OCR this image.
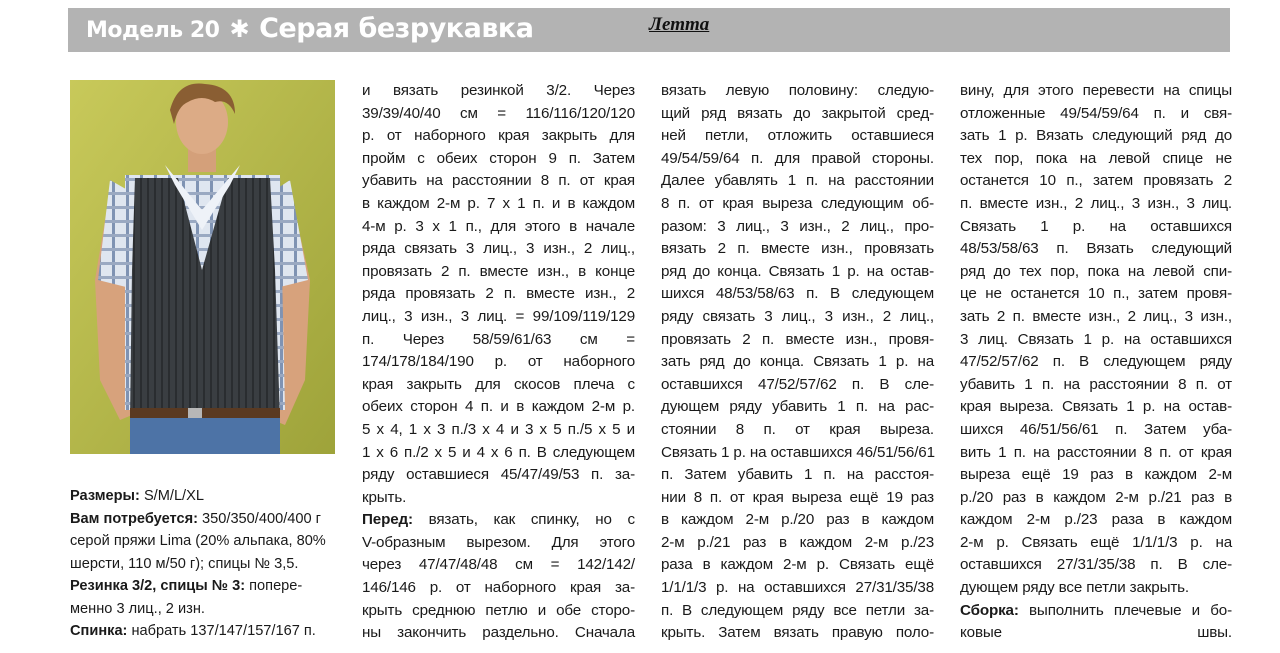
Модель 20 ✱ Серая безрукавка	Летта

Размеры: S/M/L/XL

Вам потребуется: 350/350/400/400 г

серой пряжи Lima (20% альпака, 80%

шерсти, 110 м/50 г); спицы № 3,5.

Резинка 3/2, спицы № 3: попере-

менно 3 лиц., 2 изн.

Спинка: набрать 137/147/157/167 п.

и вязать резинкой 3/2. Через

39/39/40/40 см = 116/116/120/120

р. от наборного края закрыть для

пройм с обеих сторон 9 п. Затем

убавить на расстоянии 8 п. от края

в каждом 2-м р. 7 х 1 п. и в каждом

4-м р. 3 х 1 п., для этого в начале

ряда связать 3 лиц., 3 изн., 2 лиц.,

провязать 2 п. вместе изн., в конце

ряда провязать 2 п. вместе изн., 2

лиц., 3 изн., 3 лиц. = 99/109/119/129

п. Через 58/59/61/63 см =

174/178/184/190 р. от наборного

края закрыть для скосов плеча с

обеих сторон 4 п. и в каждом 2-м р.

5 х 4, 1 х 3 п./3 х 4 и 3 х 5 п./5 х 5 и

1 х 6 п./2 х 5 и 4 х 6 п. В следующем

ряду оставшиеся 45/47/49/53 п. за-

крыть.

Перед: вязать, как спинку, но с

V-образным вырезом. Для этого

через 47/47/48/48 см = 142/142/

146/146 р. от наборного края за-

крыть среднюю петлю и обе сторо-

ны закончить раздельно. Сначала

вязать левую половину: следую-

щий ряд вязать до закрытой сред-

ней петли, отложить оставшиеся

49/54/59/64 п. для правой стороны.

Далее убавлять 1 п. на расстоянии

8 п. от края выреза следующим об-

разом: 3 лиц., 3 изн., 2 лиц., про-

вязать 2 п. вместе изн., провязать

ряд до конца. Связать 1 р. на остав-

шихся 48/53/58/63 п. В следующем

ряду связать 3 лиц., 3 изн., 2 лиц.,

провязать 2 п. вместе изн., провя-

зать ряд до конца. Связать 1 р. на

оставшихся 47/52/57/62 п. В сле-

дующем ряду убавить 1 п. на рас-

стоянии 8 п. от края выреза.

Связать 1 р. на оставшихся 46/51/56/61

п. Затем убавить 1 п. на расстоя-

нии 8 п. от края выреза ещё 19 раз

в каждом 2-м р./20 раз в каждом

2-м р./21 раз в каждом 2-м р./23

раза в каждом 2-м р. Связать ещё

1/1/1/3 р. на оставшихся 27/31/35/38

п. В следующем ряду все петли за-

крыть. Затем вязать правую поло-

вину, для этого перевести на спицы

отложенные 49/54/59/64 п. и свя-

зать 1 р. Вязать следующий ряд до

тех пор, пока на левой спице не

останется 10 п., затем провязать 2

п. вместе изн., 2 лиц., 3 изн., 3 лиц.

Связать 1 р. на оставшихся

48/53/58/63 п. Вязать следующий

ряд до тех пор, пока на левой спи-

це не останется 10 п., затем провя-

зать 2 п. вместе изн., 2 лиц., 3 изн.,

3 лиц. Связать 1 р. на оставшихся

47/52/57/62 п. В следующем ряду

убавить 1 п. на расстоянии 8 п. от

края выреза. Связать 1 р. на остав-

шихся 46/51/56/61 п. Затем уба-

вить 1 п. на расстоянии 8 п. от края

выреза ещё 19 раз в каждом 2-м

р./20 раз в каждом 2-м р./21 раз в

каждом 2-м р./23 раза в каждом

2-м р. Связать ещё 1/1/1/3 р. на

оставшихся 27/31/35/38 п. В сле-

дующем ряду все петли закрыть.

Сборка: выполнить плечевые и бо-

ковые швы.
